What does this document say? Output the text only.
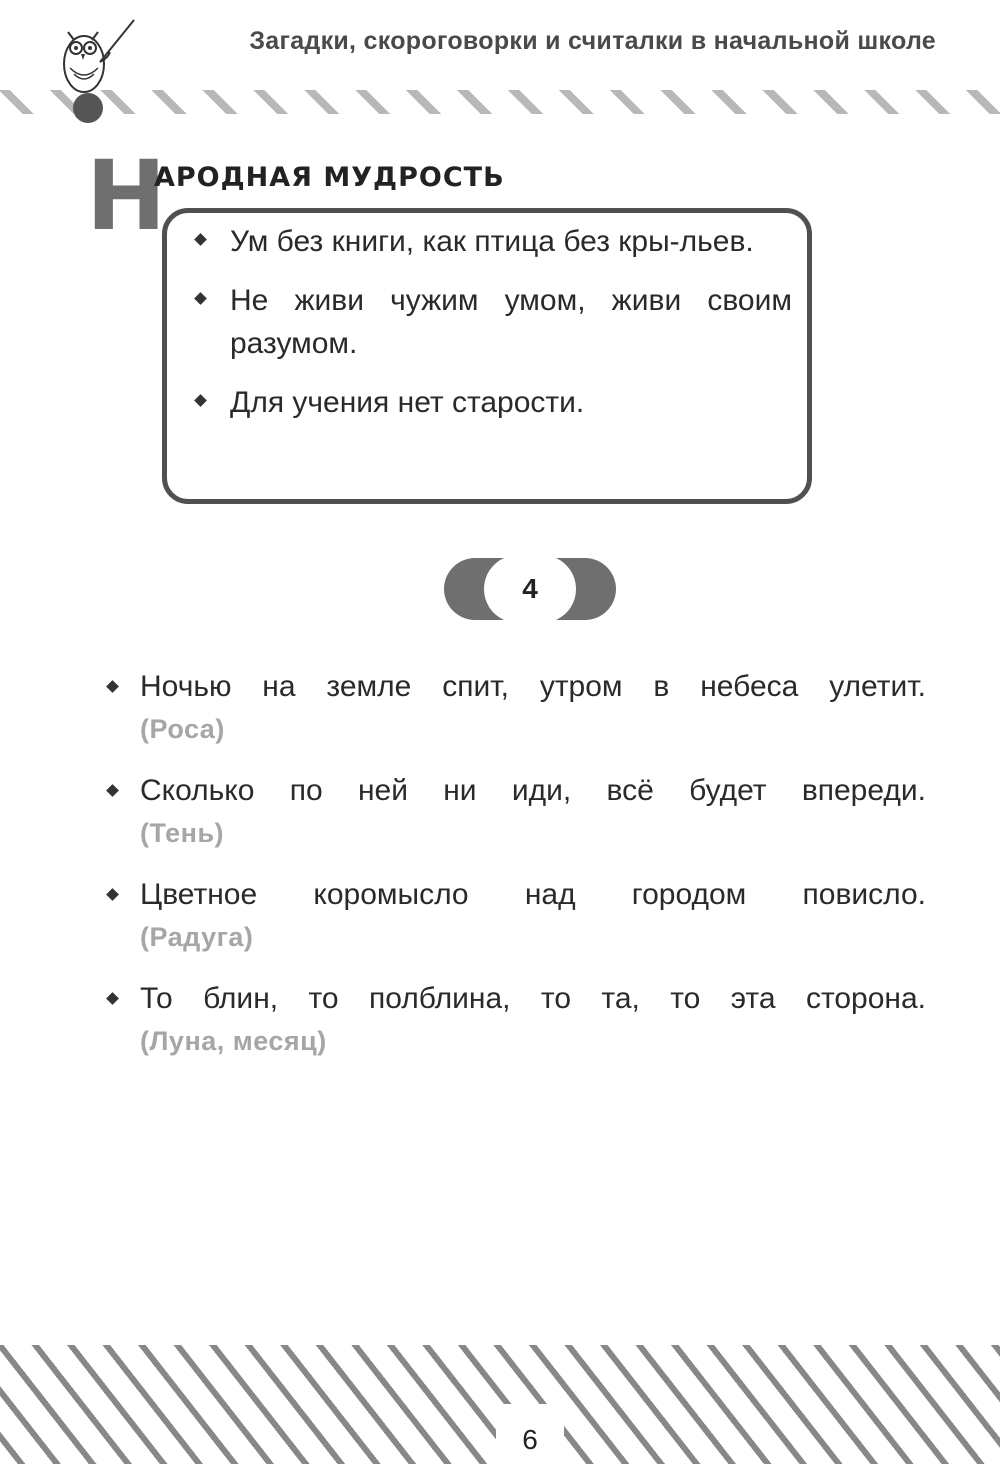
Загадки, скороговорки и считалки в начальной школе
Н
АРОДНАЯ МУДРОСТЬ
Ум без книги, как птица без кры-льев.
Не живи чужим умом, живи своим разумом.
Для учения нет старости.
4
Ночью на земле спит, утром в небеса улетит.
(Роса)
Сколько по ней ни иди, всё будет впереди.
(Тень)
Цветное коромысло над городом повисло.
(Радуга)
То блин, то полблина, то та, то эта сторона.
(Луна, месяц)
6
